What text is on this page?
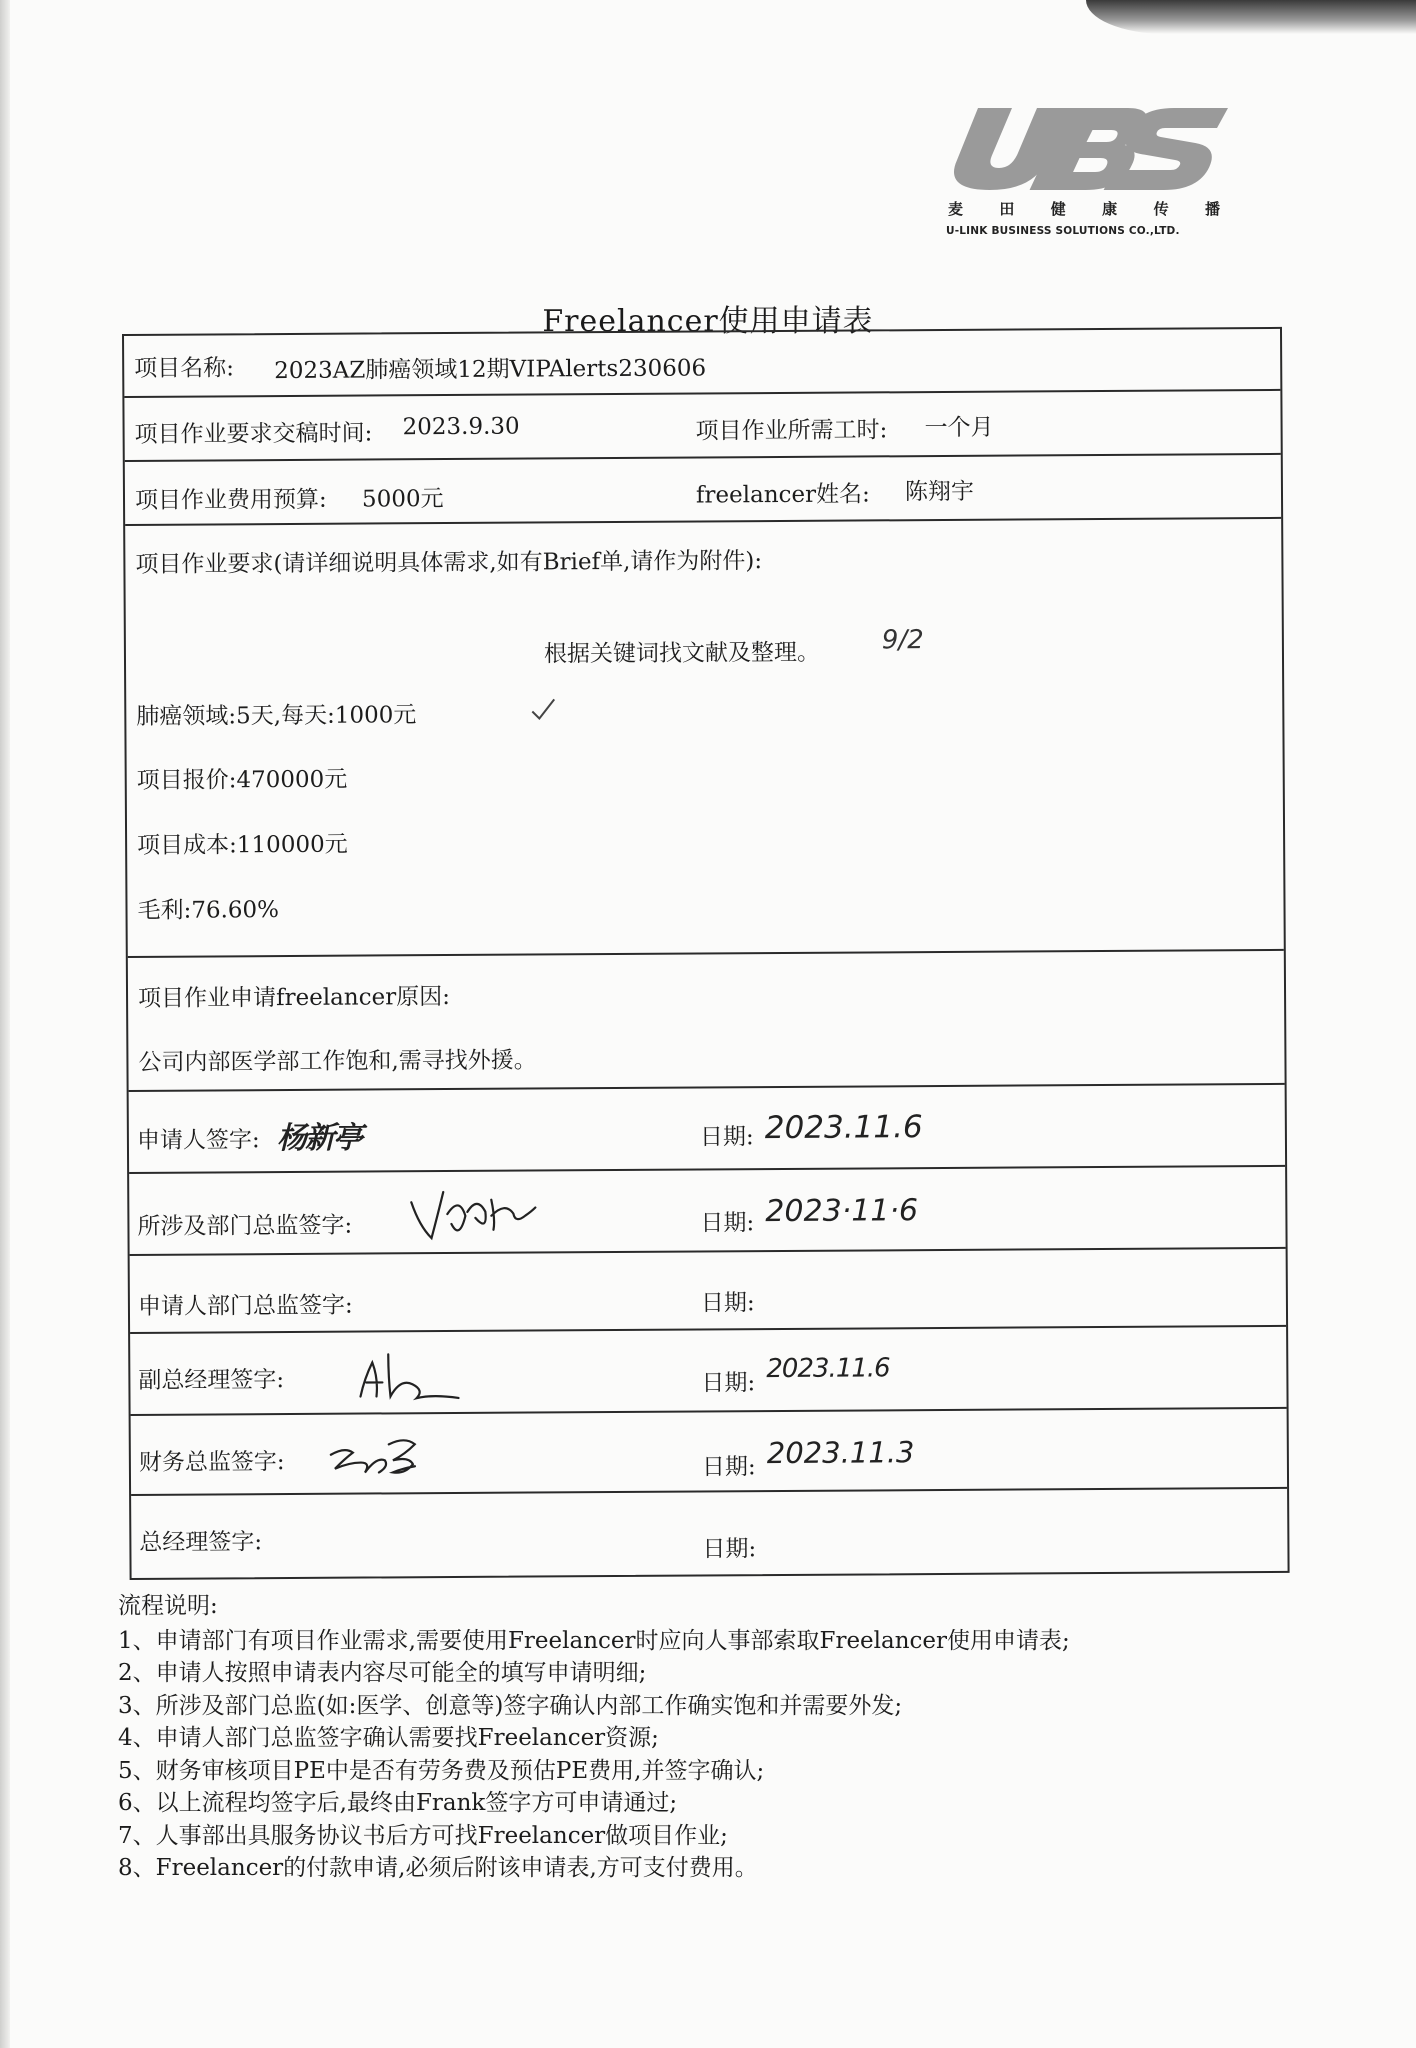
麦 田 健 康 传 播
U-LINK BUSINESS SOLUTIONS CO.,LTD.
Freelancer使用申请表
项目名称: 2023AZ肺癌领域12期VIPAlerts230606
项目作业要求交稿时间: 2023.9.30	项目作业所需工时: 一个月
项目作业费用预算: 5000元	freelancer姓名: 陈翔宇
项目作业要求(请详细说明具体需求,如有Brief单,请作为附件):
根据关键词找文献及整理。 9/2
肺癌领域:5天,每天:1000元
项目报价:470000元
项目成本:110000元
毛利:76.60%
项目作业申请freelancer原因:
公司内部医学部工作饱和,需寻找外援。
申请人签字: 杨新亭	日期: 2023.11.6
所涉及部门总监签字:	日期: 2023·11·6
申请人部门总监签字:	日期:
副总经理签字:	日期: 2023.11.6
财务总监签字:	日期: 2023.11.3
总经理签字:	日期:
流程说明:
1、申请部门有项目作业需求,需要使用Freelancer时应向人事部索取Freelancer使用申请表;
2、申请人按照申请表内容尽可能全的填写申请明细;
3、所涉及部门总监(如:医学、创意等)签字确认内部工作确实饱和并需要外发;
4、申请人部门总监签字确认需要找Freelancer资源;
5、财务审核项目PE中是否有劳务费及预估PE费用,并签字确认;
6、以上流程均签字后,最终由Frank签字方可申请通过;
7、人事部出具服务协议书后方可找Freelancer做项目作业;
8、Freelancer的付款申请,必须后附该申请表,方可支付费用。
